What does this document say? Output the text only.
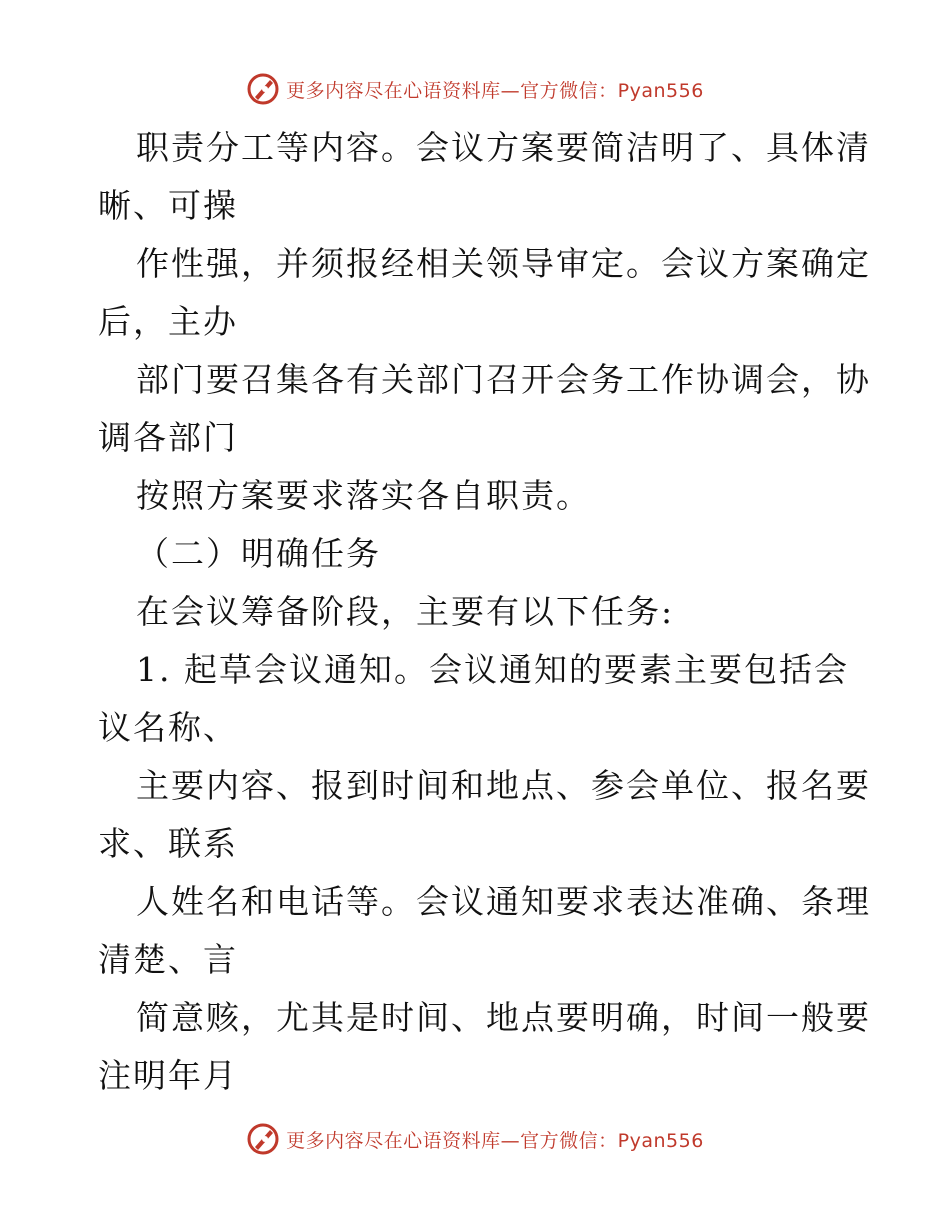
更多内容尽在心语资料库—官方微信：Pyan556
职责分工等内容。会议方案要简洁明了、具体清
晰、可操
作性强，并须报经相关领导审定。会议方案确定
后，主办
部门要召集各有关部门召开会务工作协调会，协
调各部门
按照方案要求落实各自职责。
（二）明确任务
在会议筹备阶段，主要有以下任务:
1. 起草会议通知。会议通知的要素主要包括会
议名称、
主要内容、报到时间和地点、参会单位、报名要
求、联系
人姓名和电话等。会议通知要求表达准确、条理
清楚、言
简意赅，尤其是时间、地点要明确，时间一般要
注明年月
更多内容尽在心语资料库—官方微信：Pyan556
